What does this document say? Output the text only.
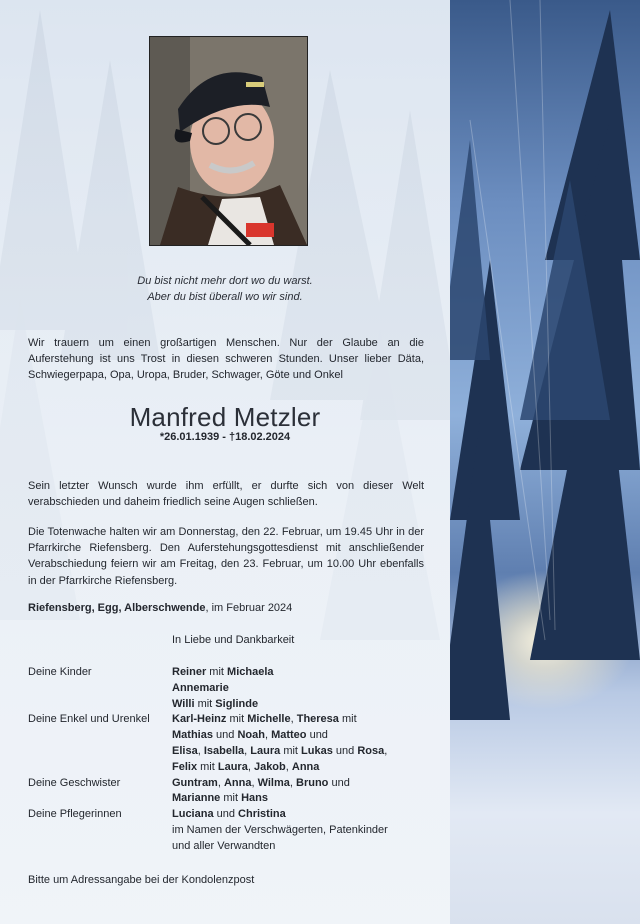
Du bist nicht mehr dort wo du warst.
Aber du bist überall wo wir sind.
Wir trauern um einen großartigen Menschen. Nur der Glaube an die Auferstehung ist uns Trost in diesen schweren Stunden. Unser lieber Däta, Schwiegerpapa, Opa, Uropa, Bruder, Schwager, Göte und Onkel
Manfred Metzler
*26.01.1939 - †18.02.2024
Sein letzter Wunsch wurde ihm erfüllt, er durfte sich von dieser Welt verabschieden und daheim friedlich seine Augen schließen.
Die Totenwache halten wir am Donnerstag, den 22. Februar, um 19.45 Uhr in der Pfarrkirche Riefensberg. Den Auferstehungsgottesdienst mit anschließender Verabschiedung feiern wir am Freitag, den 23. Februar, um 10.00 Uhr ebenfalls in der Pfarrkirche Riefensberg.
Riefensberg, Egg, Alberschwende, im Februar 2024
In Liebe und Dankbarkeit
Deine Kinder	Reiner mit Michaela
Annemarie
Willi mit Siglinde
Deine Enkel und Urenkel Karl-Heinz mit Michelle, Theresa mit
Mathias und Noah, Matteo und
Elisa, Isabella, Laura mit Lukas und Rosa,
Felix mit Laura, Jakob, Anna
Deine Geschwister	Guntram, Anna, Wilma, Bruno und
Marianne mit Hans
Deine Pflegerinnen	Luciana und Christina
im Namen der Verschwägerten, Patenkinder
und aller Verwandten
Bitte um Adressangabe bei der Kondolenzpost
